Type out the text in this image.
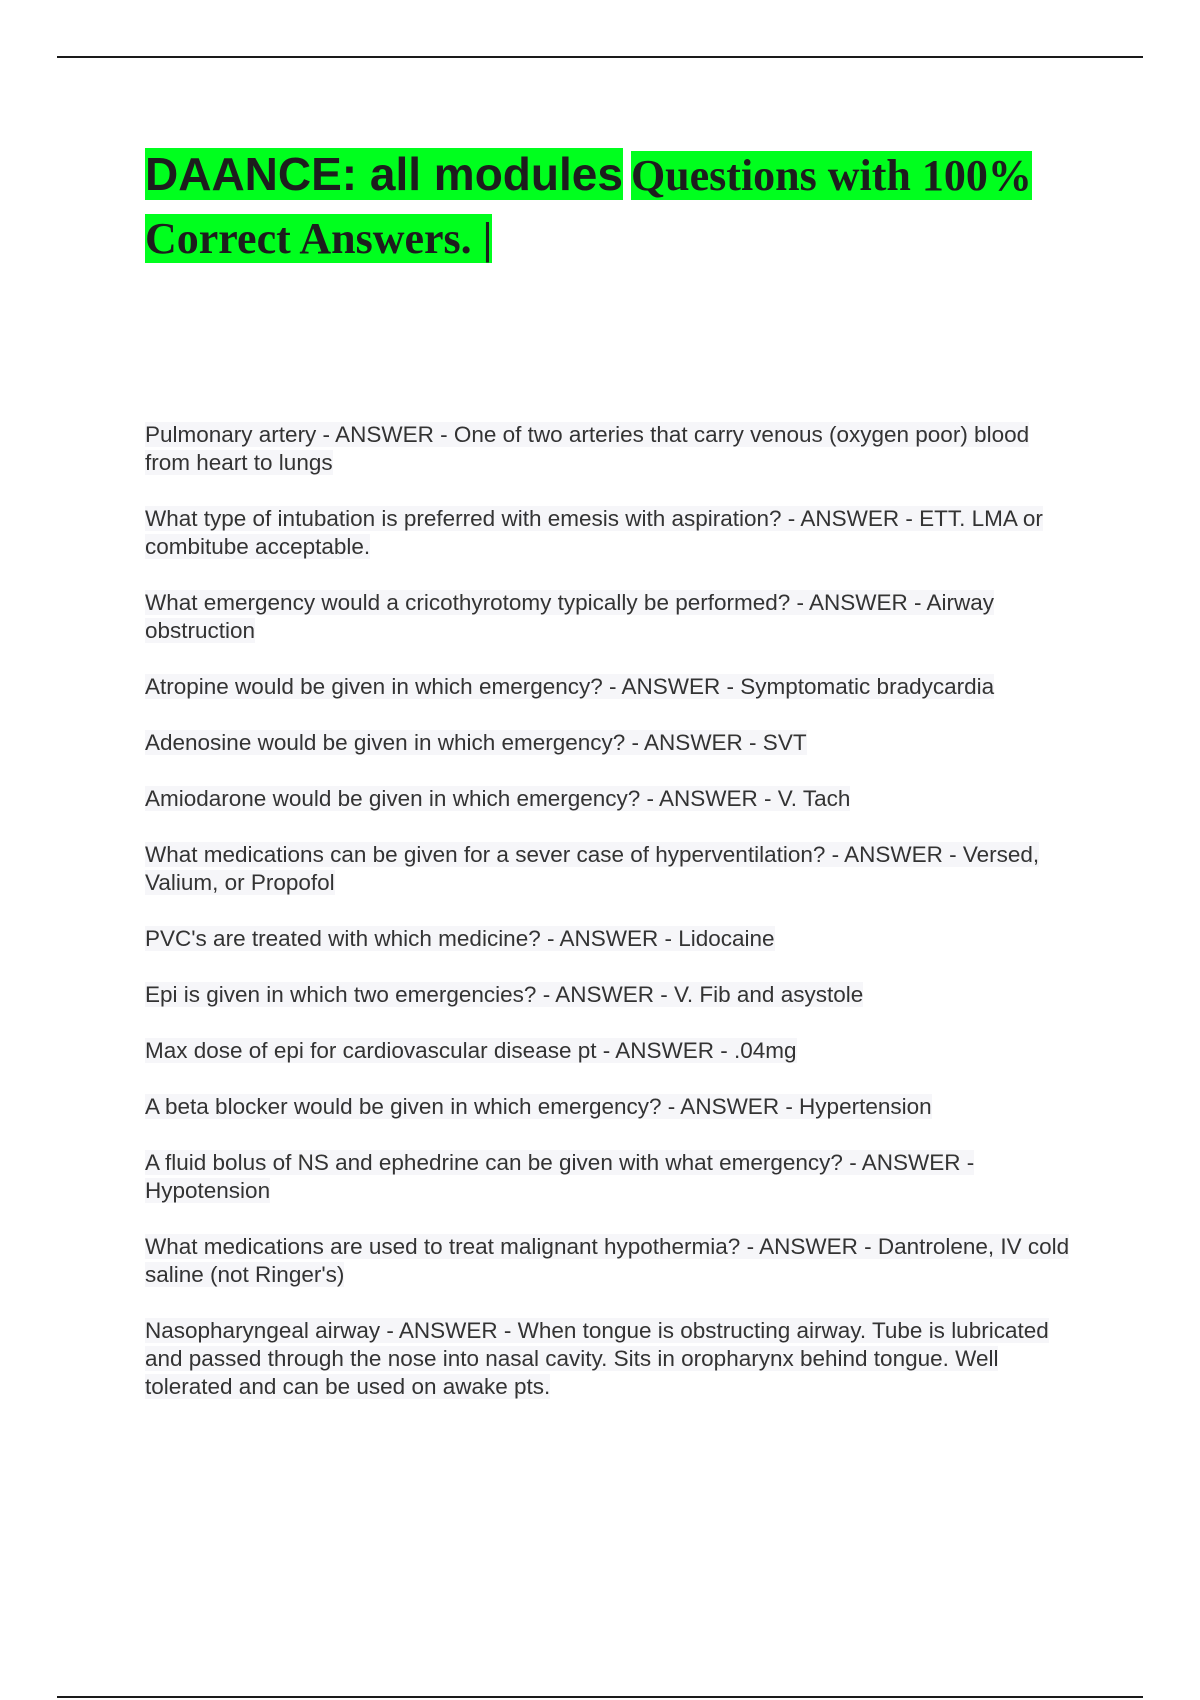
DAANCE: all modules Questions with 100% Correct Answers. |
Pulmonary artery - ANSWER - One of two arteries that carry venous (oxygen poor) blood from heart to lungs
What type of intubation is preferred with emesis with aspiration? - ANSWER - ETT. LMA or combitube acceptable.
What emergency would a cricothyrotomy typically be performed? - ANSWER - Airway obstruction
Atropine would be given in which emergency? - ANSWER - Symptomatic bradycardia
Adenosine would be given in which emergency? - ANSWER - SVT
Amiodarone would be given in which emergency? - ANSWER - V. Tach
What medications can be given for a sever case of hyperventilation? - ANSWER - Versed, Valium, or Propofol
PVC's are treated with which medicine? - ANSWER - Lidocaine
Epi is given in which two emergencies? - ANSWER - V. Fib and asystole
Max dose of epi for cardiovascular disease pt - ANSWER - .04mg
A beta blocker would be given in which emergency? - ANSWER - Hypertension
A fluid bolus of NS and ephedrine can be given with what emergency? - ANSWER - Hypotension
What medications are used to treat malignant hypothermia? - ANSWER - Dantrolene, IV cold saline (not Ringer's)
Nasopharyngeal airway - ANSWER - When tongue is obstructing airway. Tube is lubricated and passed through the nose into nasal cavity. Sits in oropharynx behind tongue. Well tolerated and can be used on awake pts.
